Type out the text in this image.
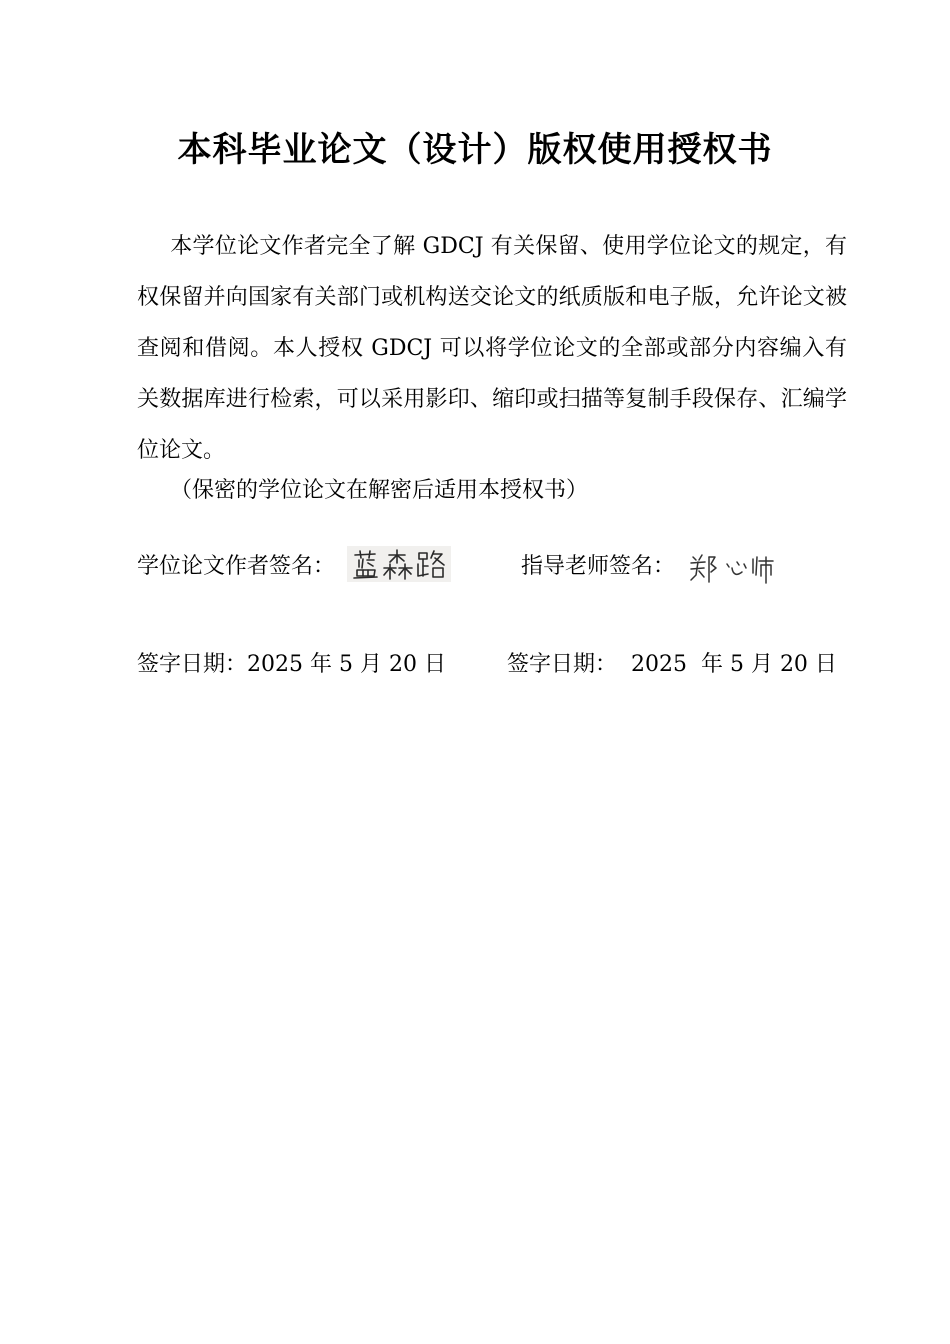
本科毕业论文（设计）版权使用授权书

本学位论文作者完全了解 GDCJ 有关保留、使用学位论文的规定，有权保留并向国家有关部门或机构送交论文的纸质版和电子版，允许论文被查阅和借阅。本人授权 GDCJ 可以将学位论文的全部或部分内容编入有关数据库进行检索，可以采用影印、缩印或扫描等复制手段保存、汇编学位论文。

（保密的学位论文在解密后适用本授权书）
学位论文作者签名：	指导老师签名：
签字日期：2025 年 5 月 20 日	签字日期：  2025  年 5 月 20 日
